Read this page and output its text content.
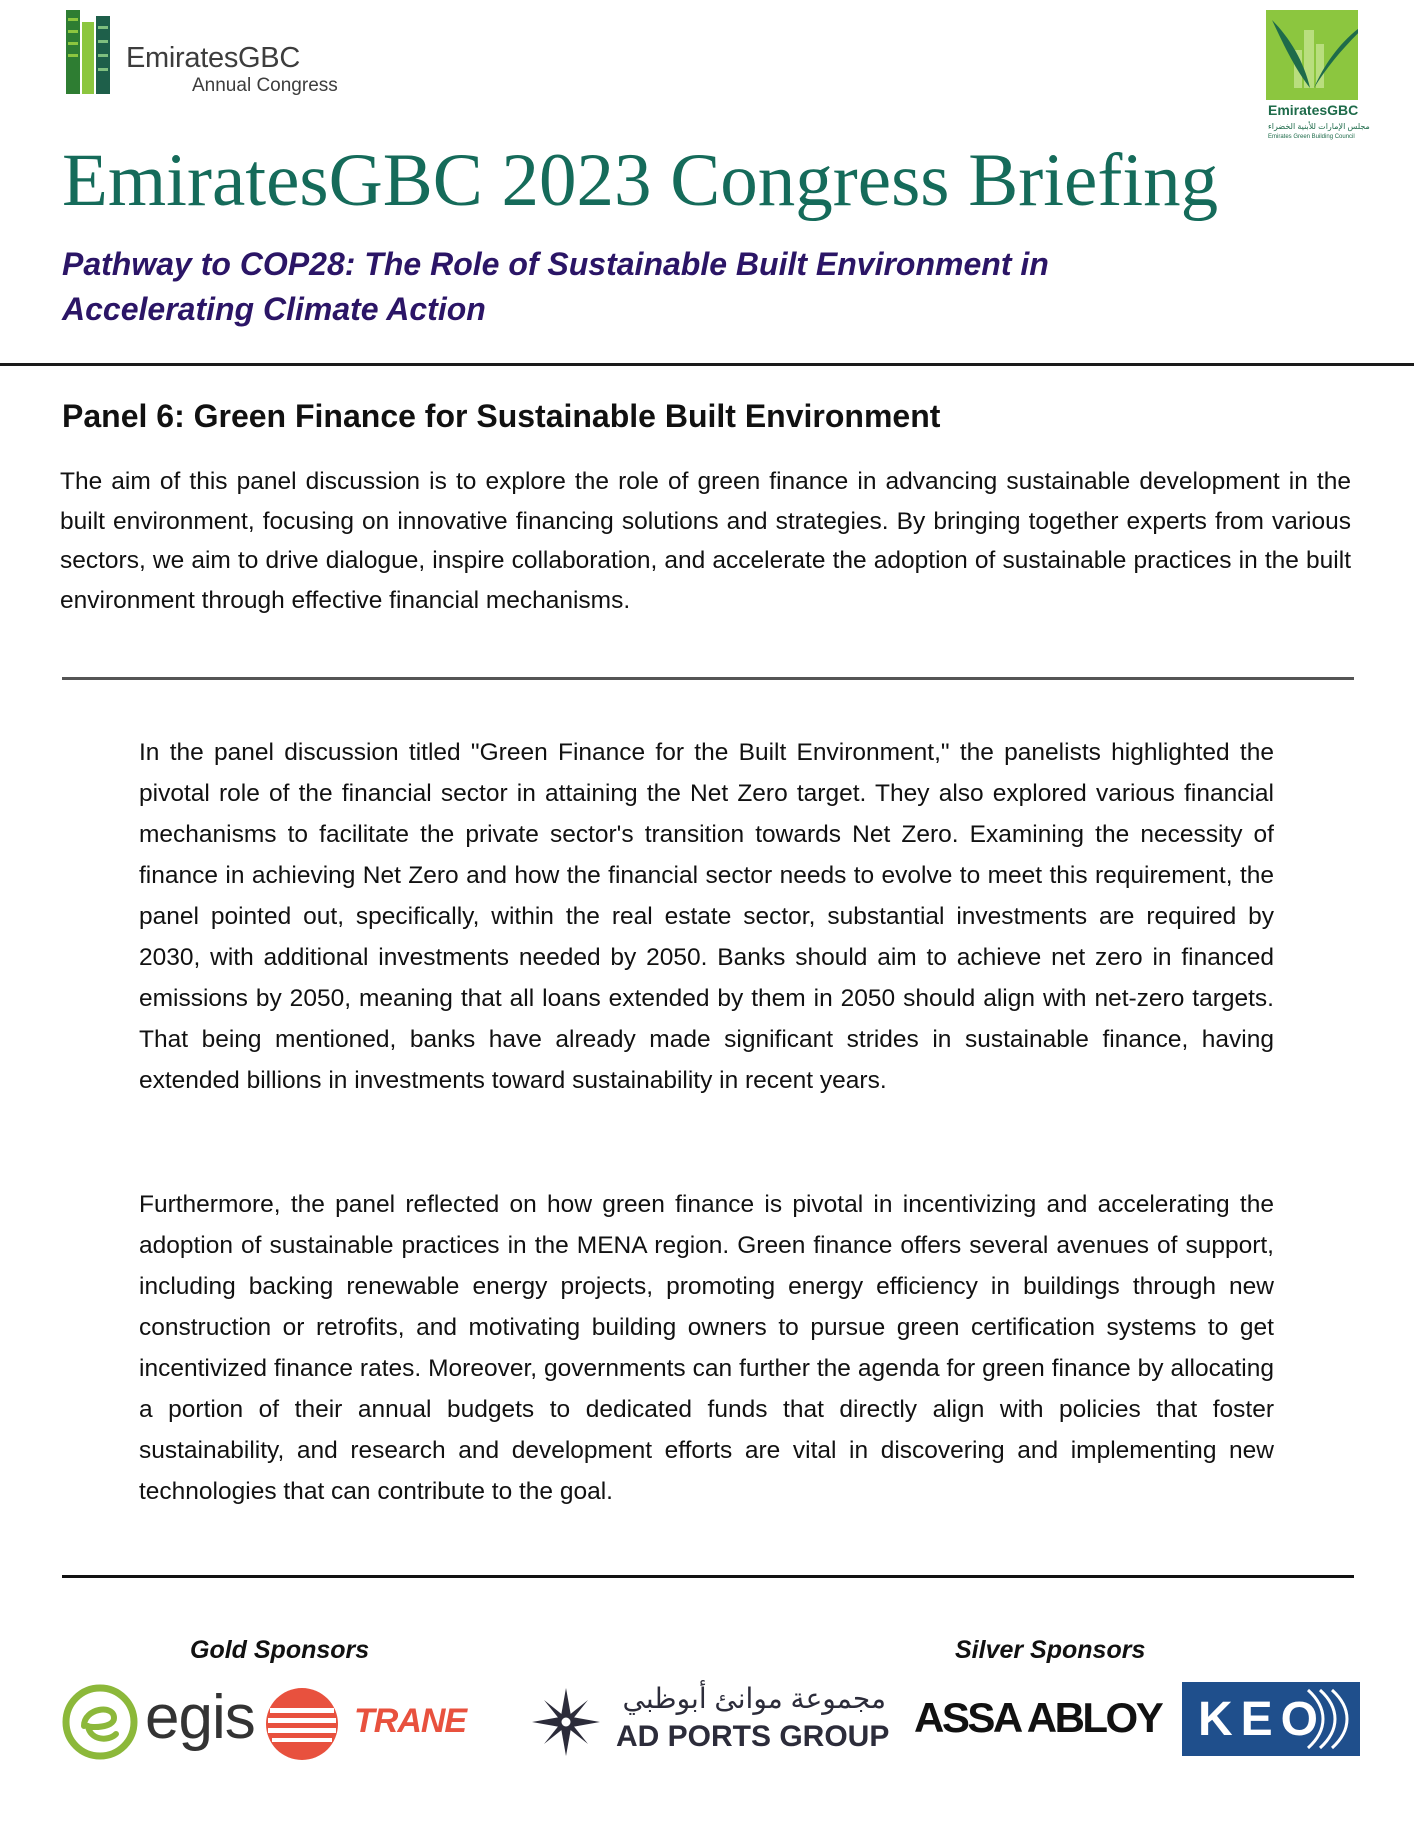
EmiratesGBC
Annual Congress
EmiratesGBC
مجلس الإمارات للأبنية الخضراء
Emirates Green Building Council
EmiratesGBC 2023 Congress Briefing

Pathway to COP28: The Role of Sustainable Built Environment in Accelerating Climate Action

Panel 6: Green Finance for Sustainable Built Environment

The aim of this panel discussion is to explore the role of green finance in advancing sustainable development in the built environment, focusing on innovative financing solutions and strategies. By bringing together experts from various sectors, we aim to drive dialogue, inspire collaboration, and accelerate the adoption of sustainable practices in the built environment through effective financial mechanisms.

In the panel discussion titled "Green Finance for the Built Environment," the panelists highlighted the pivotal role of the financial sector in attaining the Net Zero target. They also explored various financial mechanisms to facilitate the private sector's transition towards Net Zero. Examining the necessity of finance in achieving Net Zero and how the financial sector needs to evolve to meet this requirement, the panel pointed out, specifically, within the real estate sector, substantial investments are required by 2030, with additional investments needed by 2050. Banks should aim to achieve net zero in financed emissions by 2050, meaning that all loans extended by them in 2050 should align with net-zero targets. That being mentioned, banks have already made significant strides in sustainable finance, having extended billions in investments toward sustainability in recent years.

Furthermore, the panel reflected on how green finance is pivotal in incentivizing and accelerating the adoption of sustainable practices in the MENA region. Green finance offers several avenues of support, including backing renewable energy projects, promoting energy efficiency in buildings through new construction or retrofits, and motivating building owners to pursue green certification systems to get incentivized finance rates. Moreover, governments can further the agenda for green finance by allocating a portion of their annual budgets to dedicated funds that directly align with policies that foster sustainability, and research and development efforts are vital in discovering and implementing new technologies that can contribute to the goal.

Gold Sponsors	Silver Sponsors

egis	TRANE
مجموعة موانئ أبوظبي
AD PORTS GROUP ASSA ABLOY KEO
